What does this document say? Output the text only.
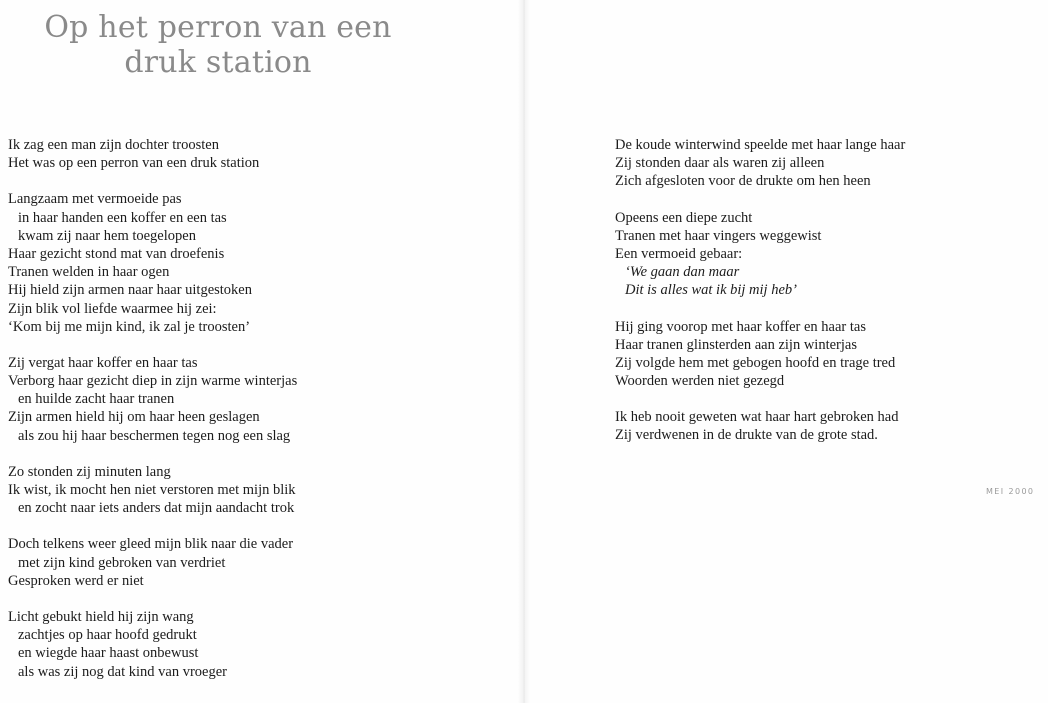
Op het perron van een
druk station
Ik zag een man zijn dochter troosten
Het was op een perron van een druk station
Langzaam met vermoeide pas
in haar handen een koffer en een tas
kwam zij naar hem toegelopen
Haar gezicht stond mat van droefenis
Tranen welden in haar ogen
Hij hield zijn armen naar haar uitgestoken
Zijn blik vol liefde waarmee hij zei:
‘Kom bij me mijn kind, ik zal je troosten’
Zij vergat haar koffer en haar tas
Verborg haar gezicht diep in zijn warme winterjas
en huilde zacht haar tranen
Zijn armen hield hij om haar heen geslagen
als zou hij haar beschermen tegen nog een slag
Zo stonden zij minuten lang
Ik wist, ik mocht hen niet verstoren met mijn blik
en zocht naar iets anders dat mijn aandacht trok
Doch telkens weer gleed mijn blik naar die vader
met zijn kind gebroken van verdriet
Gesproken werd er niet
Licht gebukt hield hij zijn wang
zachtjes op haar hoofd gedrukt
en wiegde haar haast onbewust
als was zij nog dat kind van vroeger
De koude winterwind speelde met haar lange haar
Zij stonden daar als waren zij alleen
Zich afgesloten voor de drukte om hen heen
Opeens een diepe zucht
Tranen met haar vingers weggewist
Een vermoeid gebaar:
‘We gaan dan maar
Dit is alles wat ik bij mij heb’
Hij ging voorop met haar koffer en haar tas
Haar tranen glinsterden aan zijn winterjas
Zij volgde hem met gebogen hoofd en trage tred
Woorden werden niet gezegd
Ik heb nooit geweten wat haar hart gebroken had
Zij verdwenen in de drukte van de grote stad.
MEI 2000
